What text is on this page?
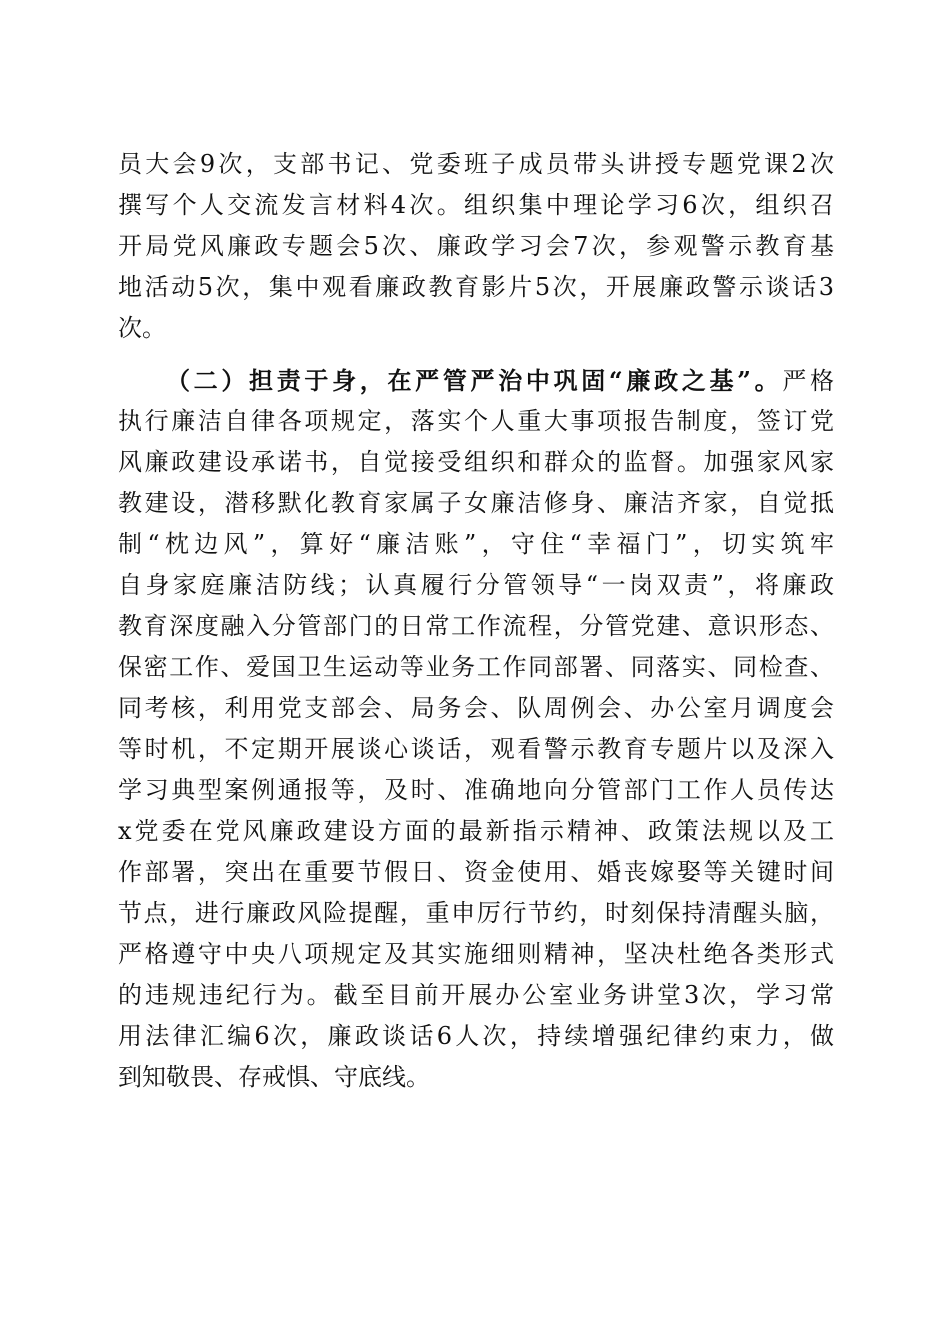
员大会9次，支部书记、党委班子成员带头讲授专题党课2次
撰写个人交流发言材料4次。组织集中理论学习6次，组织召
开局党风廉政专题会5次、廉政学习会7次，参观警示教育基
地活动5次，集中观看廉政教育影片5次，开展廉政警示谈话3
次。
（二）担责于身，在严管严治中巩固“廉政之基”。严格
执行廉洁自律各项规定，落实个人重大事项报告制度，签订党
风廉政建设承诺书，自觉接受组织和群众的监督。加强家风家
教建设，潜移默化教育家属子女廉洁修身、廉洁齐家，自觉抵
制“枕边风”，算好“廉洁账”，守住“幸福门”，切实筑牢
自身家庭廉洁防线；认真履行分管领导“一岗双责”，将廉政
教育深度融入分管部门的日常工作流程，分管党建、意识形态、
保密工作、爱国卫生运动等业务工作同部署、同落实、同检查、
同考核，利用党支部会、局务会、队周例会、办公室月调度会
等时机，不定期开展谈心谈话，观看警示教育专题片以及深入
学习典型案例通报等，及时、准确地向分管部门工作人员传达
x党委在党风廉政建设方面的最新指示精神、政策法规以及工
作部署，突出在重要节假日、资金使用、婚丧嫁娶等关键时间
节点，进行廉政风险提醒，重申厉行节约，时刻保持清醒头脑，
严格遵守中央八项规定及其实施细则精神，坚决杜绝各类形式
的违规违纪行为。截至目前开展办公室业务讲堂3次，学习常
用法律汇编6次，廉政谈话6人次，持续增强纪律约束力，做
到知敬畏、存戒惧、守底线。
